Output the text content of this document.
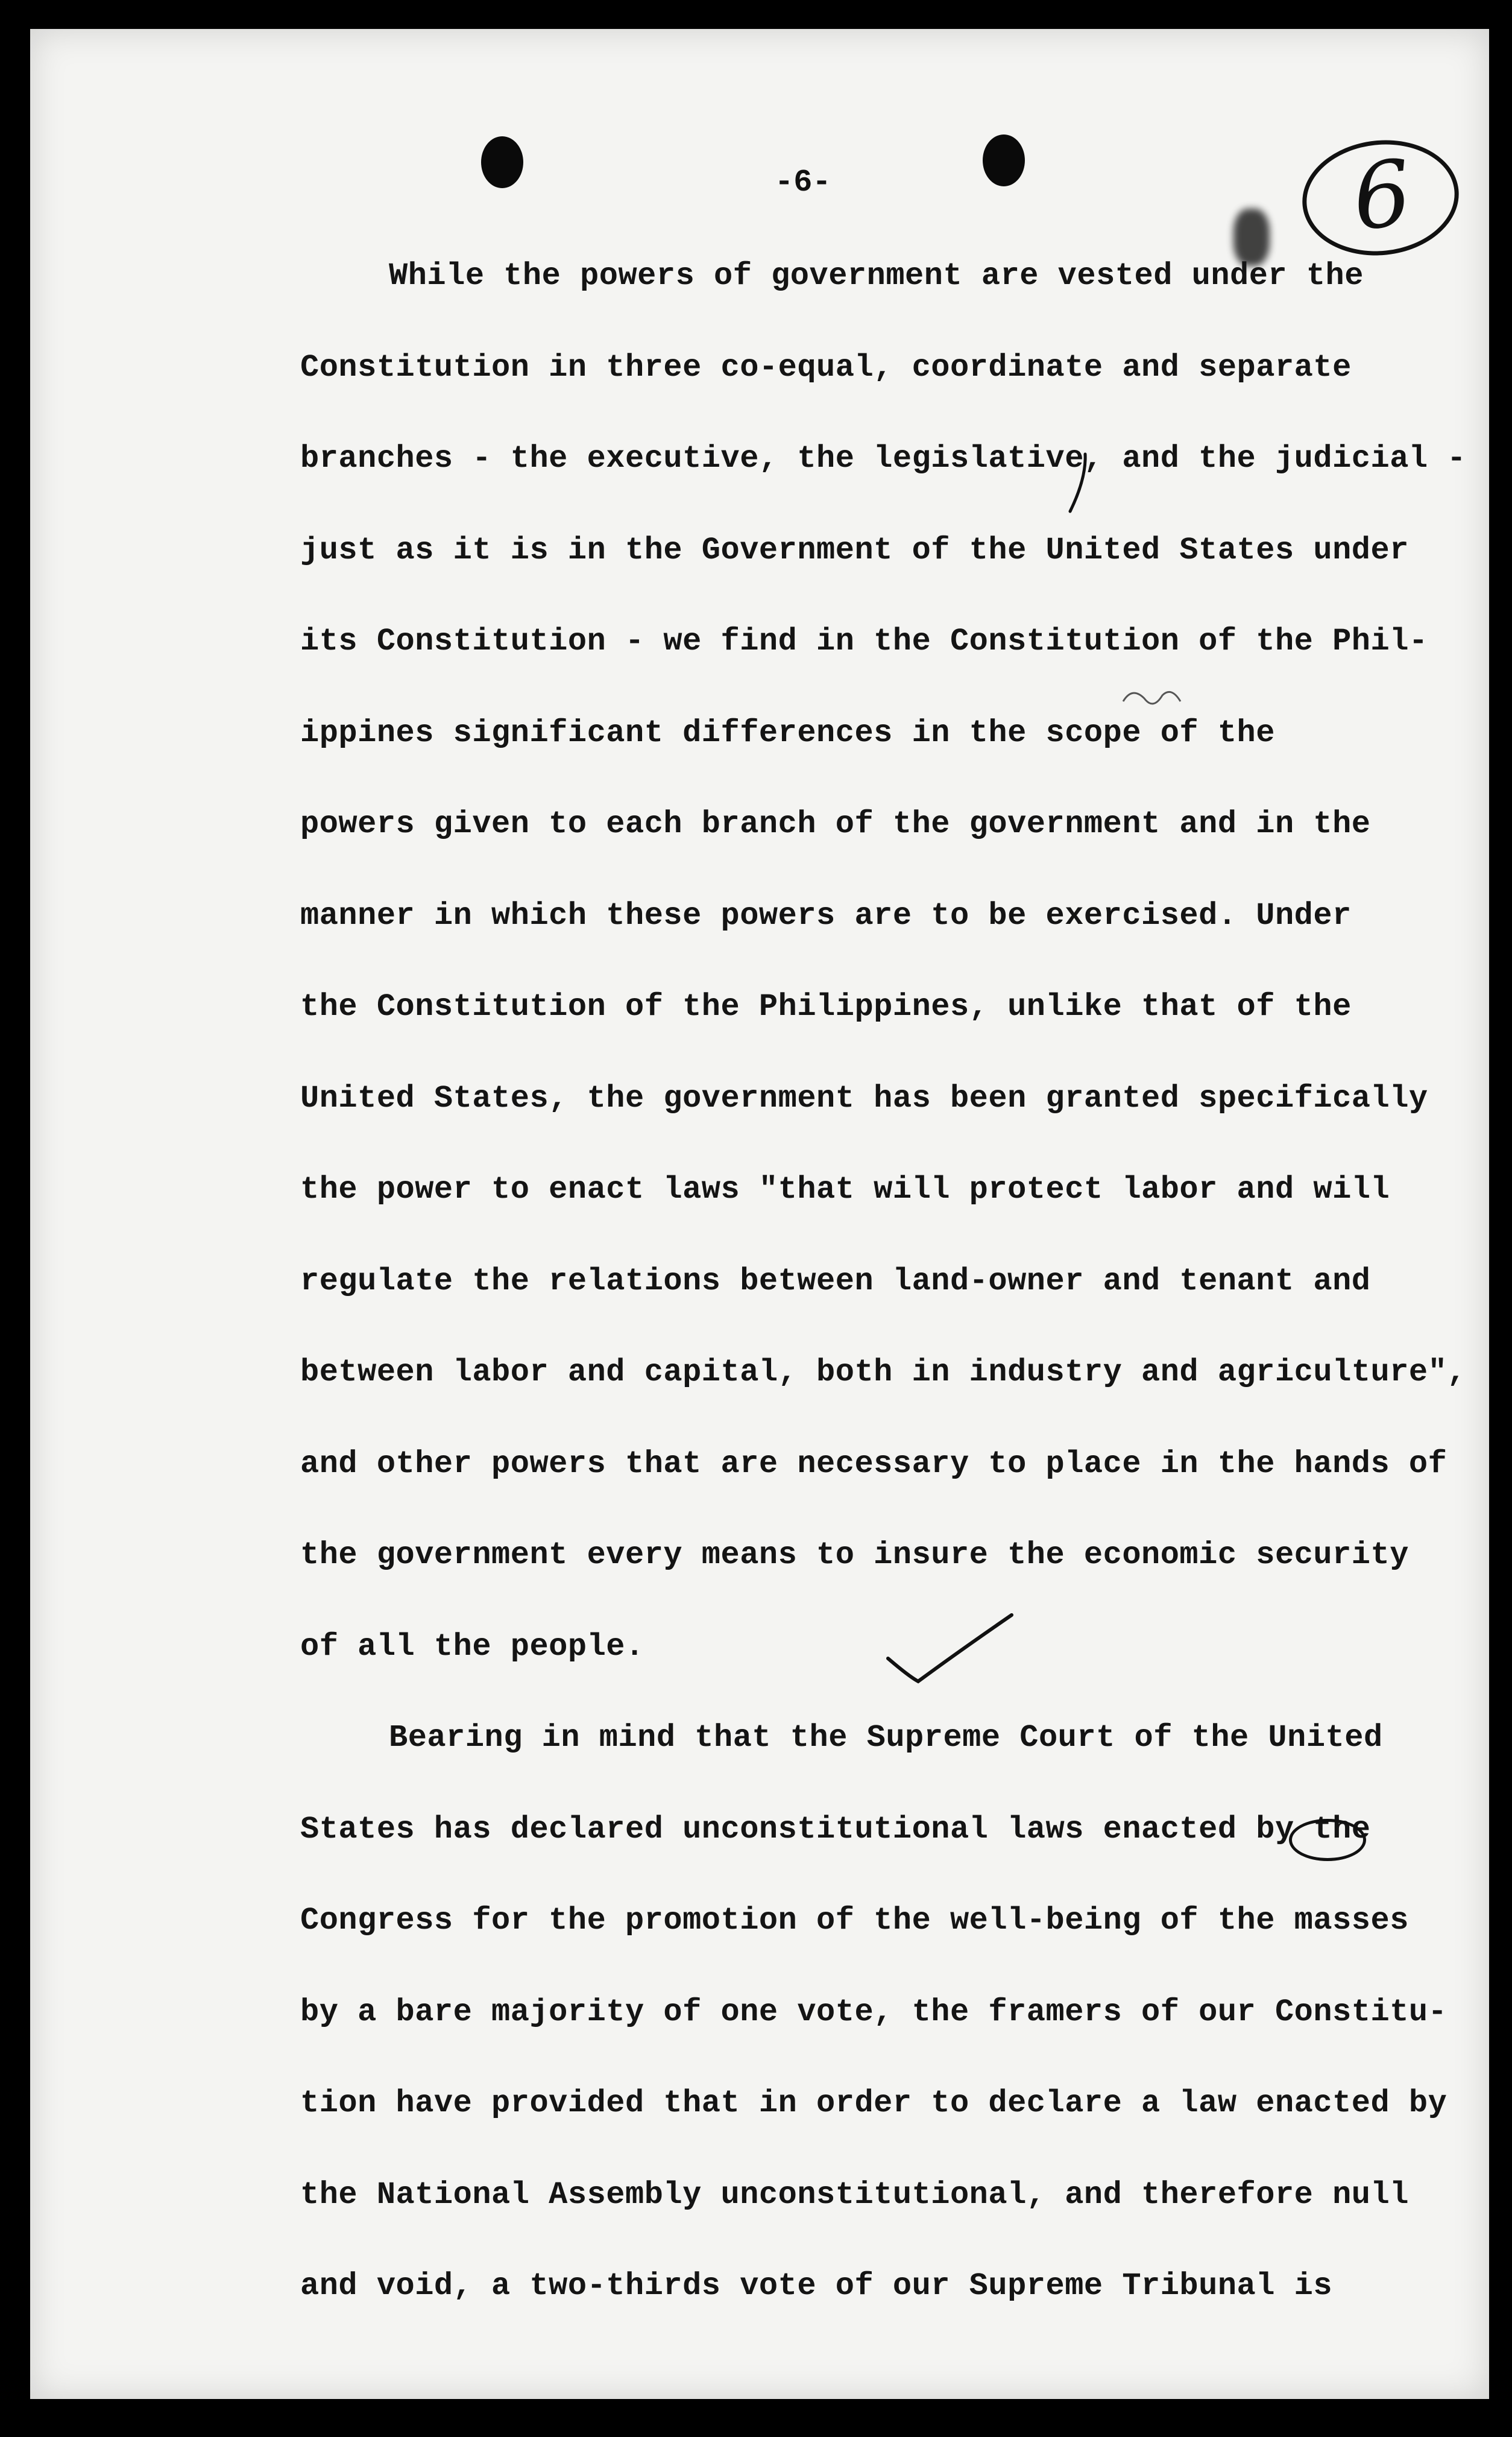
-6-	6
While the powers of government are vested under the
Constitution in three co-equal, coordinate and separate
branches - the executive, the legislative, and the judicial -
just as it is in the Government of the United States under
its Constitution - we find in the Constitution of the Phil-
ippines significant differences in the scope of the
powers given to each branch of the government and in the
manner in which these powers are to be exercised. Under
the Constitution of the Philippines, unlike that of the
United States, the government has been granted specifically
the power to enact laws "that will protect labor and will
regulate the relations between land-owner and tenant and
between labor and capital, both in industry and agriculture",
and other powers that are necessary to place in the hands of
the government every means to insure the economic security
of all the people.
Bearing in mind that the Supreme Court of the United
States has declared unconstitutional laws enacted by the
Congress for the promotion of the well-being of the masses
by a bare majority of one vote, the framers of our Constitu-
tion have provided that in order to declare a law enacted by
the National Assembly unconstitutional, and therefore null
and void, a two-thirds vote of our Supreme Tribunal is
